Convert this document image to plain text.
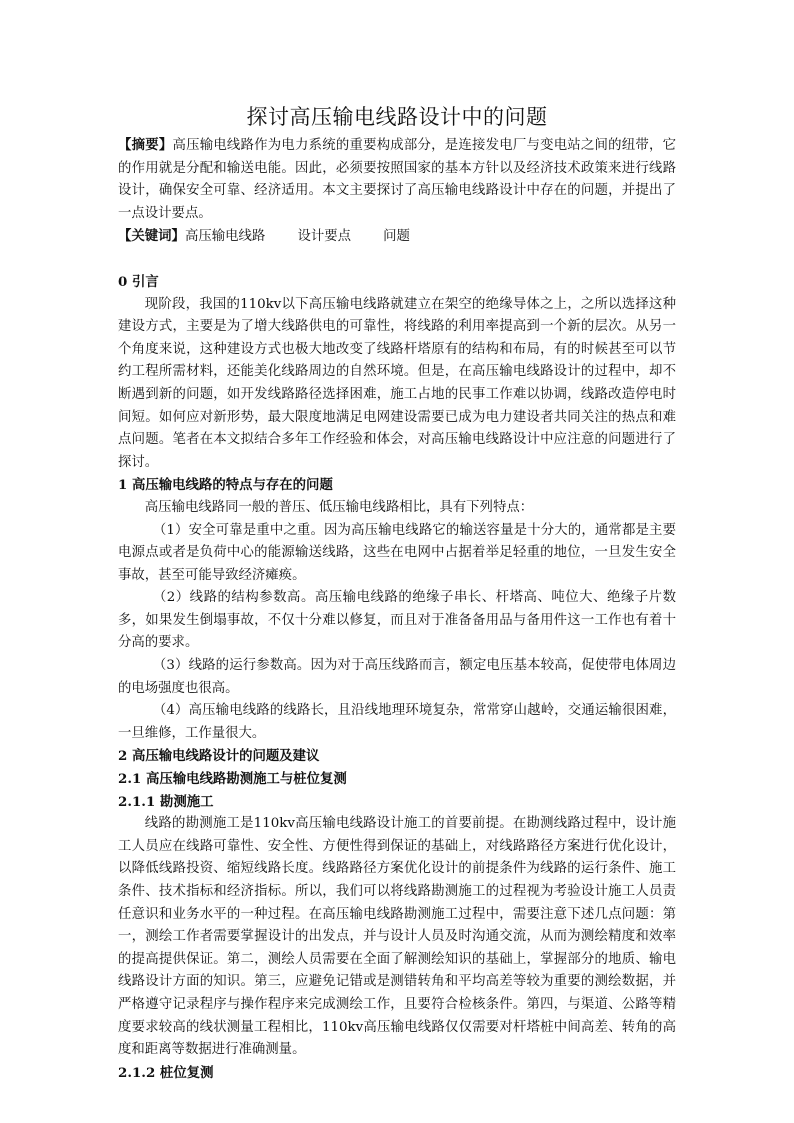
探讨高压输电线路设计中的问题

【摘要】高压输电线路作为电力系统的重要构成部分，是连接发电厂与变电站之间的纽带，它的作用就是分配和输送电能。因此，必须要按照国家的基本方针以及经济技术政策来进行线路设计，确保安全可靠、经济适用。本文主要探讨了高压输电线路设计中存在的问题，并提出了一点设计要点。

【关键词】高压输电线路 设计要点 问题

0 引言

现阶段，我国的110kv以下高压输电线路就建立在架空的绝缘导体之上，之所以选择这种建设方式，主要是为了增大线路供电的可靠性，将线路的利用率提高到一个新的层次。从另一个角度来说，这种建设方式也极大地改变了线路杆塔原有的结构和布局，有的时候甚至可以节约工程所需材料，还能美化线路周边的自然环境。但是，在高压输电线路设计的过程中，却不断遇到新的问题，如开发线路路径选择困难，施工占地的民事工作难以协调，线路改造停电时间短。如何应对新形势，最大限度地满足电网建设需要已成为电力建设者共同关注的热点和难点问题。笔者在本文拟结合多年工作经验和体会，对高压输电线路设计中应注意的问题进行了探讨。

1 高压输电线路的特点与存在的问题

高压输电线路同一般的普压、低压输电线路相比，具有下列特点：

（1）安全可靠是重中之重。因为高压输电线路它的输送容量是十分大的，通常都是主要电源点或者是负荷中心的能源输送线路，这些在电网中占据着举足轻重的地位，一旦发生安全事故，甚至可能导致经济瘫痪。

（2）线路的结构参数高。高压输电线路的绝缘子串长、杆塔高、吨位大、绝缘子片数多，如果发生倒塌事故，不仅十分难以修复，而且对于准备备用品与备用件这一工作也有着十分高的要求。

（3）线路的运行参数高。因为对于高压线路而言，额定电压基本较高，促使带电体周边的电场强度也很高。

（4）高压输电线路的线路长，且沿线地理环境复杂，常常穿山越岭，交通运输很困难，一旦维修，工作量很大。

2 高压输电线路设计的问题及建议

2.1 高压输电线路勘测施工与桩位复测

2.1.1 勘测施工

线路的勘测施工是110kv高压输电线路设计施工的首要前提。在勘测线路过程中，设计施工人员应在线路可靠性、安全性、方便性得到保证的基础上，对线路路径方案进行优化设计，以降低线路投资、缩短线路长度。线路路径方案优化设计的前提条件为线路的运行条件、施工条件、技术指标和经济指标。所以，我们可以将线路勘测施工的过程视为考验设计施工人员责任意识和业务水平的一种过程。在高压输电线路勘测施工过程中，需要注意下述几点问题：第一，测绘工作者需要掌握设计的出发点，并与设计人员及时沟通交流，从而为测绘精度和效率的提高提供保证。第二，测绘人员需要在全面了解测绘知识的基础上，掌握部分的地质、输电线路设计方面的知识。第三，应避免记错或是测错转角和平均高差等较为重要的测绘数据，并严格遵守记录程序与操作程序来完成测绘工作，且要符合检核条件。第四，与渠道、公路等精度要求较高的线状测量工程相比，110kv高压输电线路仅仅需要对杆塔桩中间高差、转角的高度和距离等数据进行准确测量。

2.1.2 桩位复测
